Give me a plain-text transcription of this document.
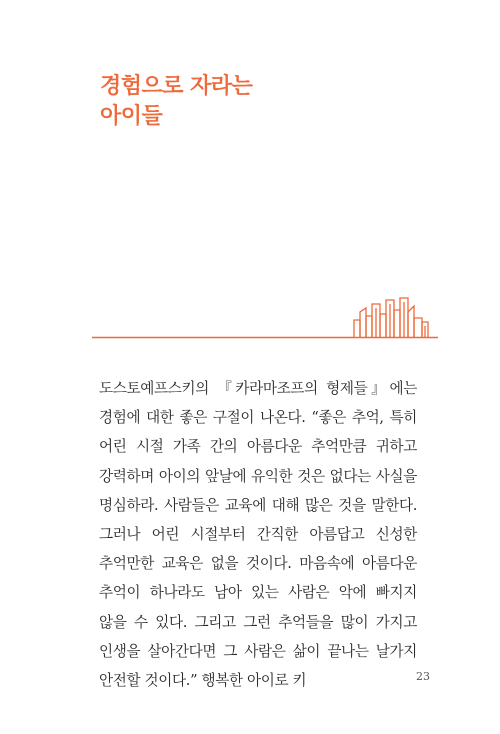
경험으로 자라는
아이들

도스토예프스키의 『카라마조프의 형제들』에는 경험에 대한 좋은 구절이 나온다. “좋은 추억, 특히 어린 시절 가족 간의 아름다운 추억만큼 귀하고 강력하며 아이의 앞날에 유익한 것은 없다는 사실을 명심하라. 사람들은 교육에 대해 많은 것을 말한다. 그러나 어린 시절부터 간직한 아름답고 신성한 추억만한 교육은 없을 것이다. 마음속에 아름다운 추억이 하나라도 남아 있는 사람은 악에 빠지지 않을 수 있다. 그리고 그런 추억들을 많이 가지고 인생을 살아간다면 그 사람은 삶이 끝나는 날가지 안전할 것이다.” 행복한 아이로 키	23
